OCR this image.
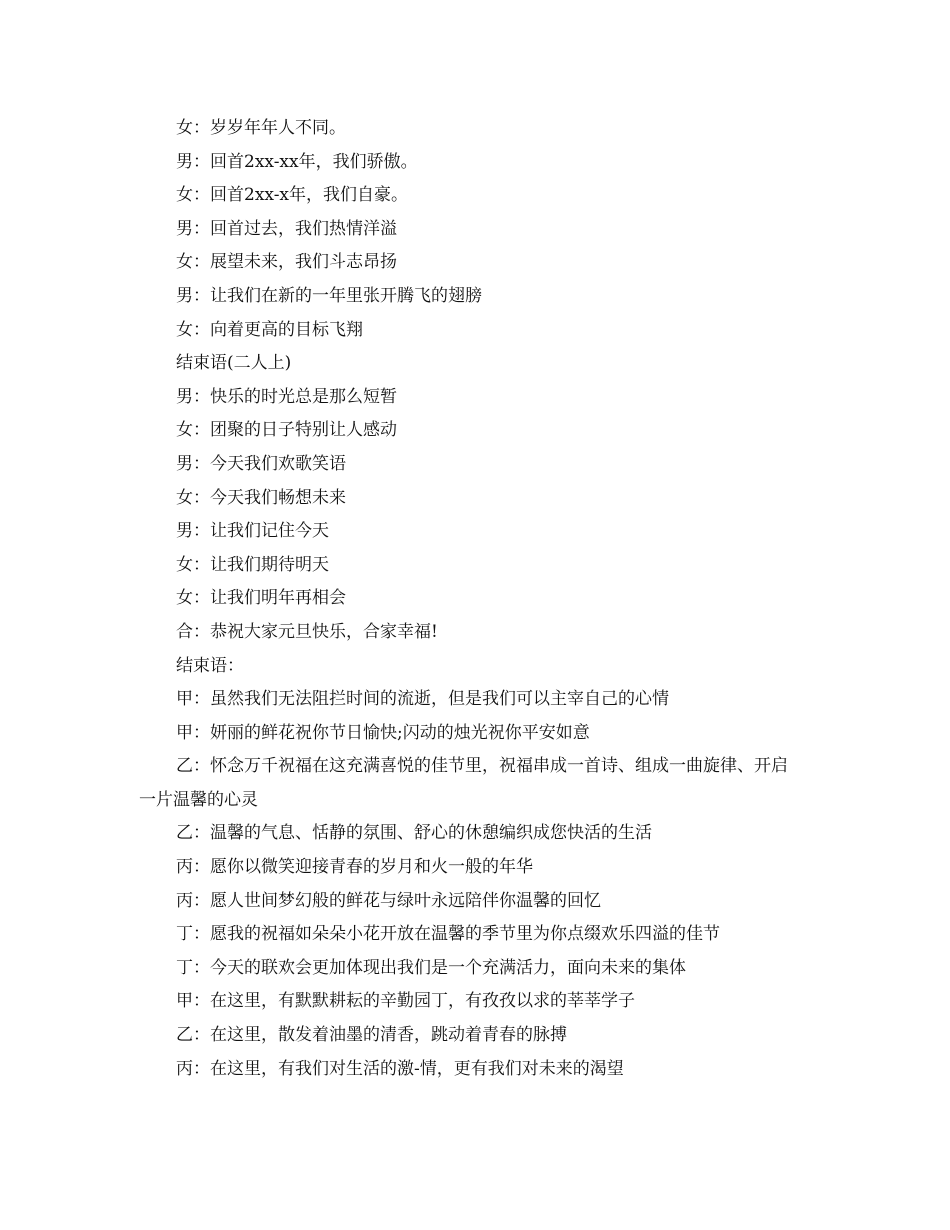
女：岁岁年年人不同。

男：回首2xx-xx年，我们骄傲。

女：回首2xx-x年，我们自豪。

男：回首过去，我们热情洋溢

女：展望未来，我们斗志昂扬

男：让我们在新的一年里张开腾飞的翅膀

女：向着更高的目标飞翔

结束语(二人上)

男：快乐的时光总是那么短暂

女：团聚的日子特别让人感动

男：今天我们欢歌笑语

女：今天我们畅想未来

男：让我们记住今天

女：让我们期待明天

女：让我们明年再相会

合：恭祝大家元旦快乐，合家幸福!

结束语：

甲：虽然我们无法阻拦时间的流逝，但是我们可以主宰自己的心情

甲：妍丽的鲜花祝你节日愉快;闪动的烛光祝你平安如意

乙：怀念万千祝福在这充满喜悦的佳节里，祝福串成一首诗、组成一曲旋律、开启一片温馨的心灵

乙：温馨的气息、恬静的氛围、舒心的休憩编织成您快活的生活

丙：愿你以微笑迎接青春的岁月和火一般的年华

丙：愿人世间梦幻般的鲜花与绿叶永远陪伴你温馨的回忆

丁：愿我的祝福如朵朵小花开放在温馨的季节里为你点缀欢乐四溢的佳节

丁：今天的联欢会更加体现出我们是一个充满活力，面向未来的集体

甲：在这里，有默默耕耘的辛勤园丁，有孜孜以求的莘莘学子

乙：在这里，散发着油墨的清香，跳动着青春的脉搏

丙：在这里，有我们对生活的激-情，更有我们对未来的渴望
